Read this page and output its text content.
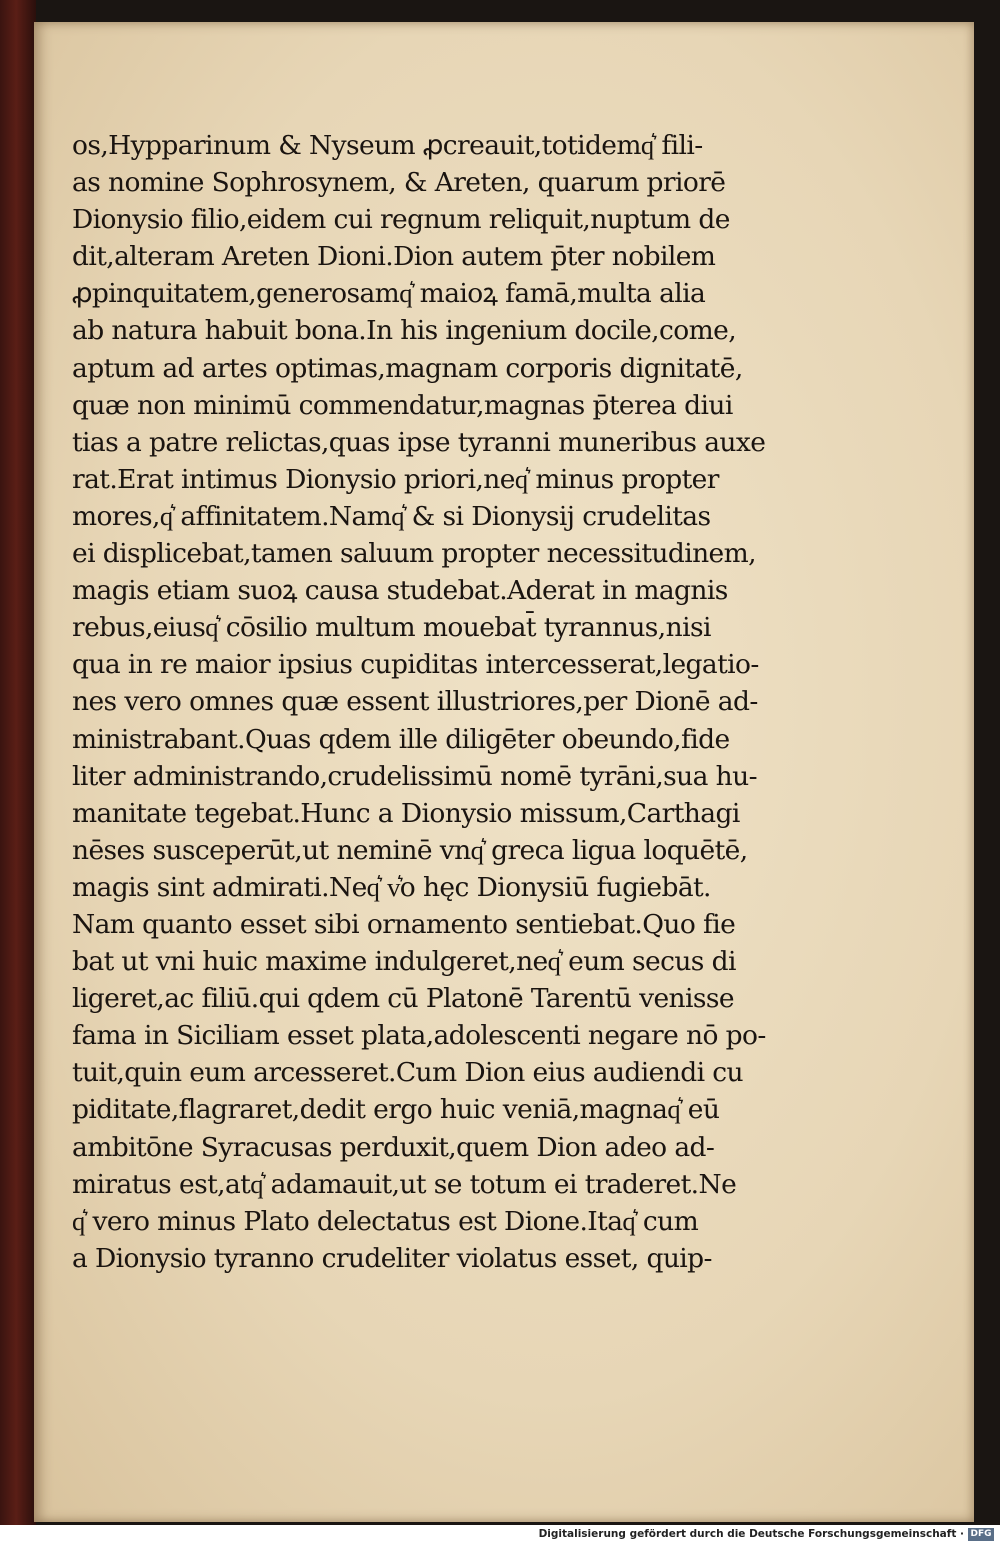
os,Hypparinum & Nyseum ꝓcreauit,totidemq͛ fili-
as nomine Sophrosynem, & Areten, quarum priorē
Dionysio filio,eidem cui regnum reliquit,nuptum de
dit,alteram Areten Dioni.Dion autem p̄ter nobilem
ꝓpinquitatem,generosamq͛ maioꝝ famā,multa alia
ab natura habuit bona.In his ingenium docile,come,
aptum ad artes optimas,magnam corporis dignitatē,
quæ non minimū commendatur,magnas p̄terea diui
tias a patre relictas,quas ipse tyranni muneribus auxe
rat.Erat intimus Dionysio priori,neq͛ minus propter
mores,q͛ affinitatem.Namq͛ & si Dionysij crudelitas
ei displicebat,tamen saluum propter necessitudinem,
magis etiam suoꝝ causa studebat.Aderat in magnis
rebus,eiusq͛ cōsilio multum mouebat̄ tyrannus,nisi
qua in re maior ipsius cupiditas intercesserat,legatio-
nes vero omnes quæ essent illustriores,per Dionē ad-
ministrabant.Quas qdem ille diligēter obeundo,fide
liter administrando,crudelissimū nomē tyrāni,sua hu-
manitate tegebat.Hunc a Dionysio missum,Carthagi
nēses susceperūt,ut neminē vnq͛ greca ligua loquētē,
magis sint admirati.Neq͛ v͛o hęc Dionysiū fugiebāt.
Nam quanto esset sibi ornamento sentiebat.Quo fie
bat ut vni huic maxime indulgeret,neq͛ eum secus di
ligeret,ac filiū.qui qdem cū Platonē Tarentū venisse
fama in Siciliam esset plata,adolescenti negare nō po-
tuit,quin eum arcesseret.Cum Dion eius audiendi cu
piditate,flagraret,dedit ergo huic veniā,magnaq͛ eū
ambitōne Syracusas perduxit,quem Dion adeo ad-
miratus est,atq͛ adamauit,ut se totum ei traderet.Ne
q͛ vero minus Plato delectatus est Dione.Itaq͛ cum
a Dionysio tyranno crudeliter violatus esset, quip-
Digitalisierung gefördert durch die Deutsche Forschungsgemeinschaft · DFG
